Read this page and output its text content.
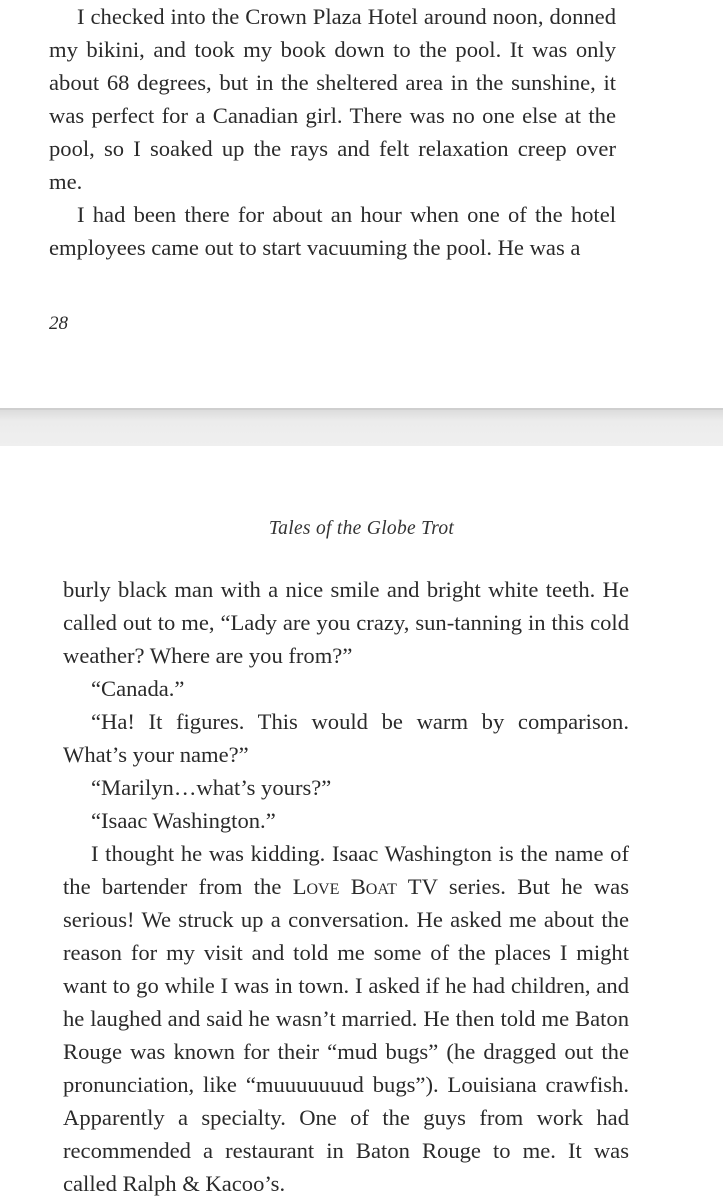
I checked into the Crown Plaza Hotel around noon, donned my bikini, and took my book down to the pool. It was only about 68 degrees, but in the sheltered area in the sunshine, it was perfect for a Canadian girl. There was no one else at the pool, so I soaked up the rays and felt relaxation creep over me.

I had been there for about an hour when one of the hotel employees came out to start vacuuming the pool. He was a

28
Tales of the Globe Trot

burly black man with a nice smile and bright white teeth. He called out to me, “Lady are you crazy, sun-tanning in this cold weather? Where are you from?”

“Canada.”

“Ha! It figures. This would be warm by comparison. What’s your name?”

“Marilyn…what’s yours?”

“Isaac Washington.”

I thought he was kidding. Isaac Washington is the name of the bartender from the Love Boat TV series. But he was serious! We struck up a conversation. He asked me about the reason for my visit and told me some of the places I might want to go while I was in town. I asked if he had children, and he laughed and said he wasn’t married. He then told me Baton Rouge was known for their “mud bugs” (he dragged out the pronunciation, like “muuuuuuud bugs”). Louisiana crawfish. Apparently a specialty. One of the guys from work had recommended a restaurant in Baton Rouge to me. It was called Ralph & Kacoo’s.
